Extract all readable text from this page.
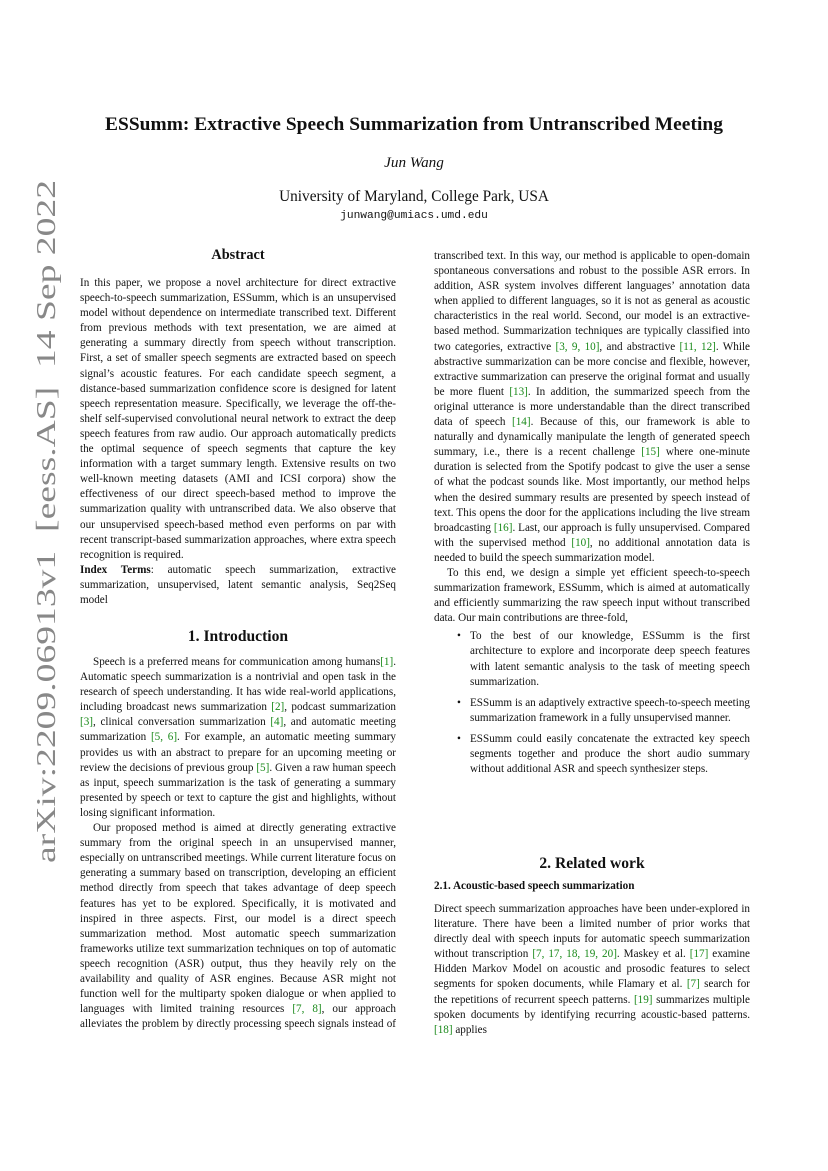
arXiv:2209.06913v1  [eess.AS]  14 Sep 2022
ESSumm: Extractive Speech Summarization from Untranscribed Meeting
Jun Wang
University of Maryland, College Park, USA
junwang@umiacs.umd.edu
Abstract

In this paper, we propose a novel architecture for direct extractive speech-to-speech summarization, ESSumm, which is an unsupervised model without dependence on intermediate transcribed text. Different from previous methods with text presentation, we are aimed at generating a summary directly from speech without transcription. First, a set of smaller speech segments are extracted based on speech signal’s acoustic features. For each candidate speech segment, a distance-based summarization confidence score is designed for latent speech representation measure. Specifically, we leverage the off-the-shelf self-supervised convolutional neural network to extract the deep speech features from raw audio. Our approach automatically predicts the optimal sequence of speech segments that capture the key information with a target summary length. Extensive results on two well-known meeting datasets (AMI and ICSI corpora) show the effectiveness of our direct speech-based method to improve the summarization quality with untranscribed data. We also observe that our unsupervised speech-based method even performs on par with recent transcript-based summarization approaches, where extra speech recognition is required.

Index Terms: automatic speech summarization, extractive summarization, unsupervised, latent semantic analysis, Seq2Seq model

1. Introduction

Speech is a preferred means for communication among humans[1]. Automatic speech summarization is a nontrivial and open task in the research of speech understanding. It has wide real-world applications, including broadcast news summarization [2], podcast summarization [3], clinical conversation summarization [4], and automatic meeting summarization [5, 6]. For example, an automatic meeting summary provides us with an abstract to prepare for an upcoming meeting or review the decisions of previous group [5]. Given a raw human speech as input, speech summarization is the task of generating a summary presented by speech or text to capture the gist and highlights, without losing significant information.

Our proposed method is aimed at directly generating extractive summary from the original speech in an unsupervised manner, especially on untranscribed meetings. While current literature focus on generating a summary based on transcription, developing an efficient method directly from speech that takes advantage of deep speech features has yet to be explored. Specifically, it is motivated and inspired in three aspects. First, our model is a direct speech summarization method. Most automatic speech summarization frameworks utilize text summarization techniques on top of automatic speech recognition (ASR) output, thus they heavily rely on the availability and quality of ASR engines. Because ASR might not function well for the multiparty spoken dialogue or when applied to languages with limited training resources [7, 8], our approach alleviates the problem by directly processing speech signals instead of

transcribed text. In this way, our method is applicable to open-domain spontaneous conversations and robust to the possible ASR errors. In addition, ASR system involves different languages’ annotation data when applied to different languages, so it is not as general as acoustic characteristics in the real world. Second, our model is an extractive-based method. Summarization techniques are typically classified into two categories, extractive [3, 9, 10], and abstractive [11, 12]. While abstractive summarization can be more concise and flexible, however, extractive summarization can preserve the original format and usually be more fluent [13]. In addition, the summarized speech from the original utterance is more understandable than the direct transcribed data of speech [14]. Because of this, our framework is able to naturally and dynamically manipulate the length of generated speech summary, i.e., there is a recent challenge [15] where one-minute duration is selected from the Spotify podcast to give the user a sense of what the podcast sounds like. Most importantly, our method helps when the desired summary results are presented by speech instead of text. This opens the door for the applications including the live stream broadcasting [16]. Last, our approach is fully unsupervised. Compared with the supervised method [10], no additional annotation data is needed to build the speech summarization model.

To this end, we design a simple yet efficient speech-to-speech summarization framework, ESSumm, which is aimed at automatically and efficiently summarizing the raw speech input without transcribed data. Our main contributions are three-fold,

• To the best of our knowledge, ESSumm is the first architecture to explore and incorporate deep speech features with latent semantic analysis to the task of meeting speech summarization.
• ESSumm is an adaptively extractive speech-to-speech meeting summarization framework in a fully unsupervised manner.
• ESSumm could easily concatenate the extracted key speech segments together and produce the short audio summary without additional ASR and speech synthesizer steps.
2. Related work
2.1. Acoustic-based speech summarization

Direct speech summarization approaches have been under-explored in literature. There have been a limited number of prior works that directly deal with speech inputs for automatic speech summarization without transcription [7, 17, 18, 19, 20]. Maskey et al. [17] examine Hidden Markov Model on acoustic and prosodic features to select segments for spoken documents, while Flamary et al. [7] search for the repetitions of recurrent speech patterns. [19] summarizes multiple spoken documents by identifying recurring acoustic-based patterns. [18] applies
